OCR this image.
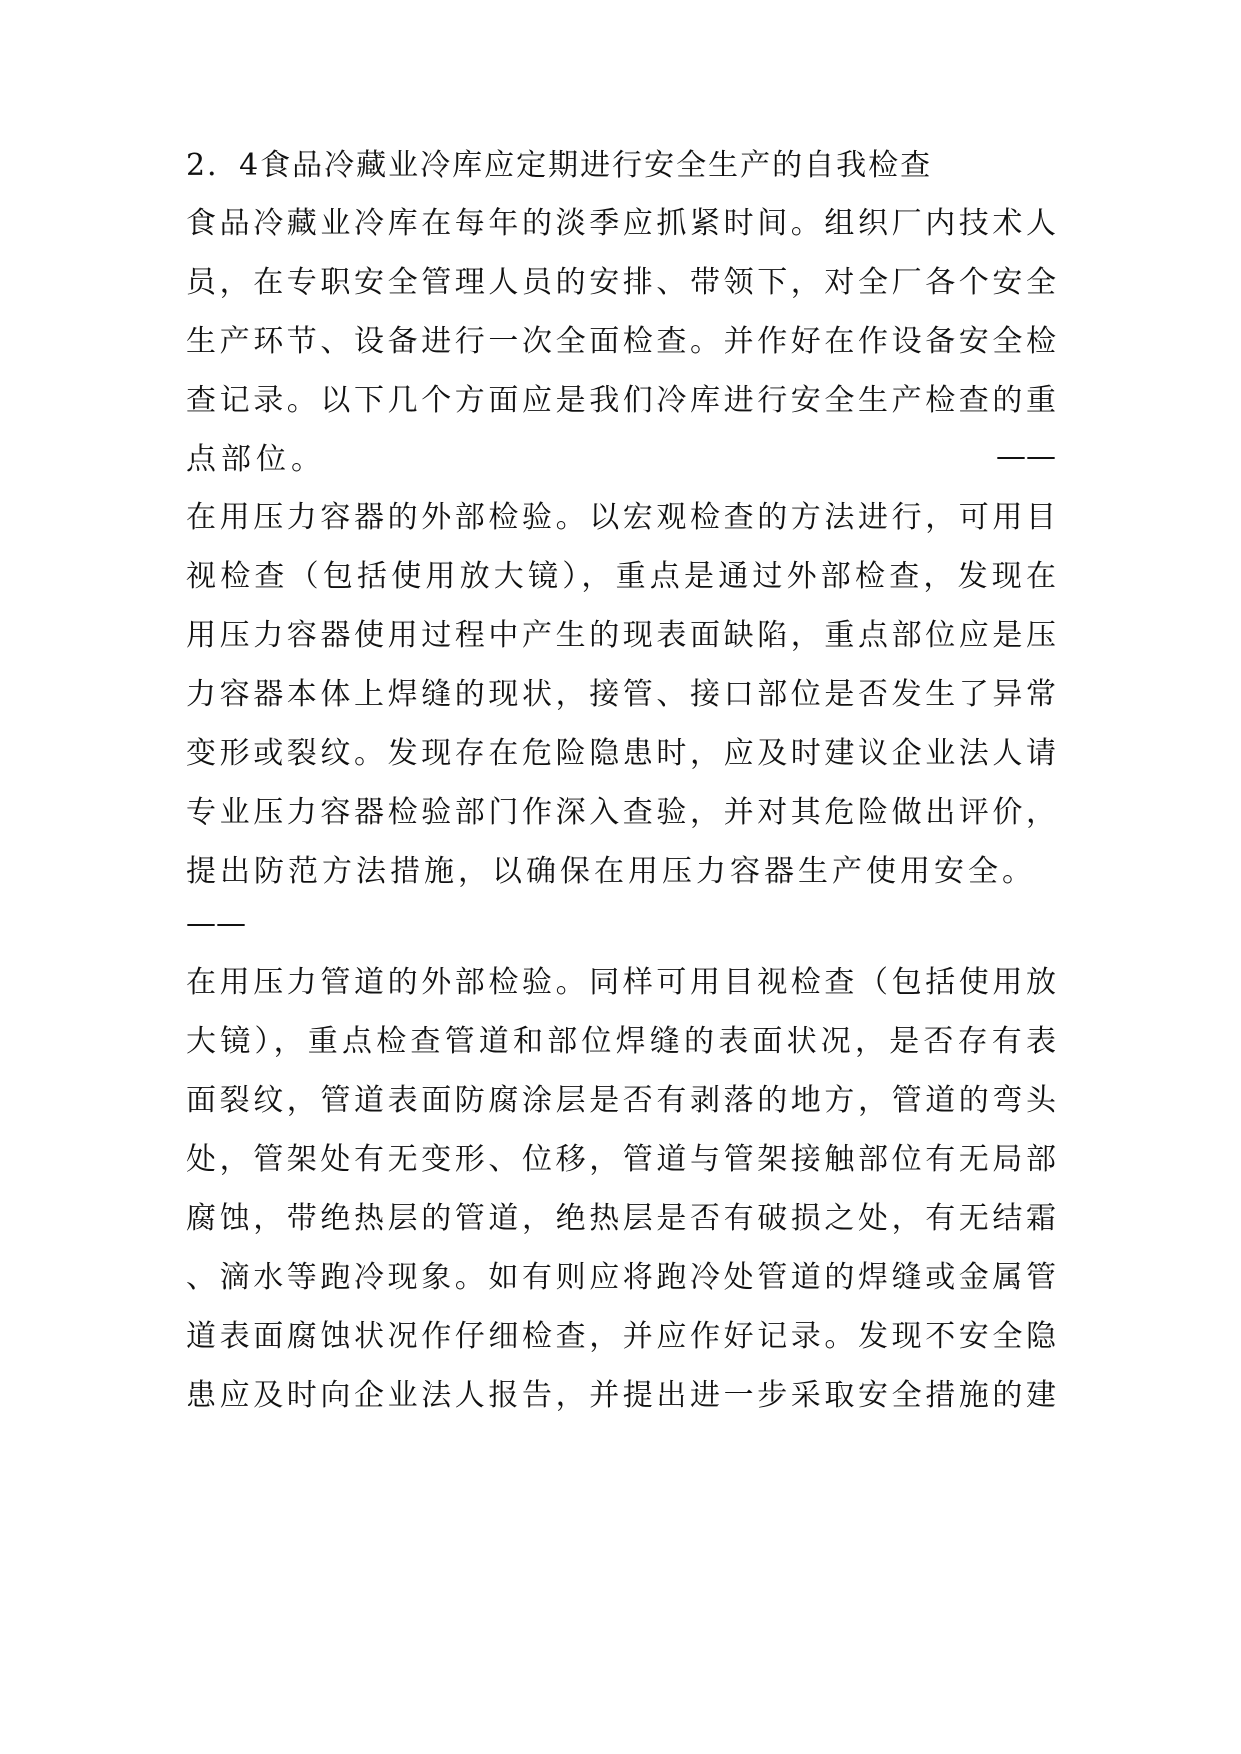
2．4食品冷藏业冷库应定期进行安全生产的自我检查
食品冷藏业冷库在每年的淡季应抓紧时间。组织厂内技术人
员，在专职安全管理人员的安排、带领下，对全厂各个安全
生产环节、设备进行一次全面检查。并作好在作设备安全检
查记录。以下几个方面应是我们冷库进行安全生产检查的重
点部位。	——
在用压力容器的外部检验。以宏观检查的方法进行，可用目
视检查（包括使用放大镜），重点是通过外部检查，发现在
用压力容器使用过程中产生的现表面缺陷，重点部位应是压
力容器本体上焊缝的现状，接管、接口部位是否发生了异常
变形或裂纹。发现存在危险隐患时，应及时建议企业法人请
专业压力容器检验部门作深入查验，并对其危险做出评价，
提出防范方法措施，以确保在用压力容器生产使用安全。
——
在用压力管道的外部检验。同样可用目视检查（包括使用放
大镜），重点检查管道和部位焊缝的表面状况，是否存有表
面裂纹，管道表面防腐涂层是否有剥落的地方，管道的弯头
处，管架处有无变形、位移，管道与管架接触部位有无局部
腐蚀，带绝热层的管道，绝热层是否有破损之处，有无结霜
、滴水等跑冷现象。如有则应将跑冷处管道的焊缝或金属管
道表面腐蚀状况作仔细检查，并应作好记录。发现不安全隐
患应及时向企业法人报告，并提出进一步采取安全措施的建
